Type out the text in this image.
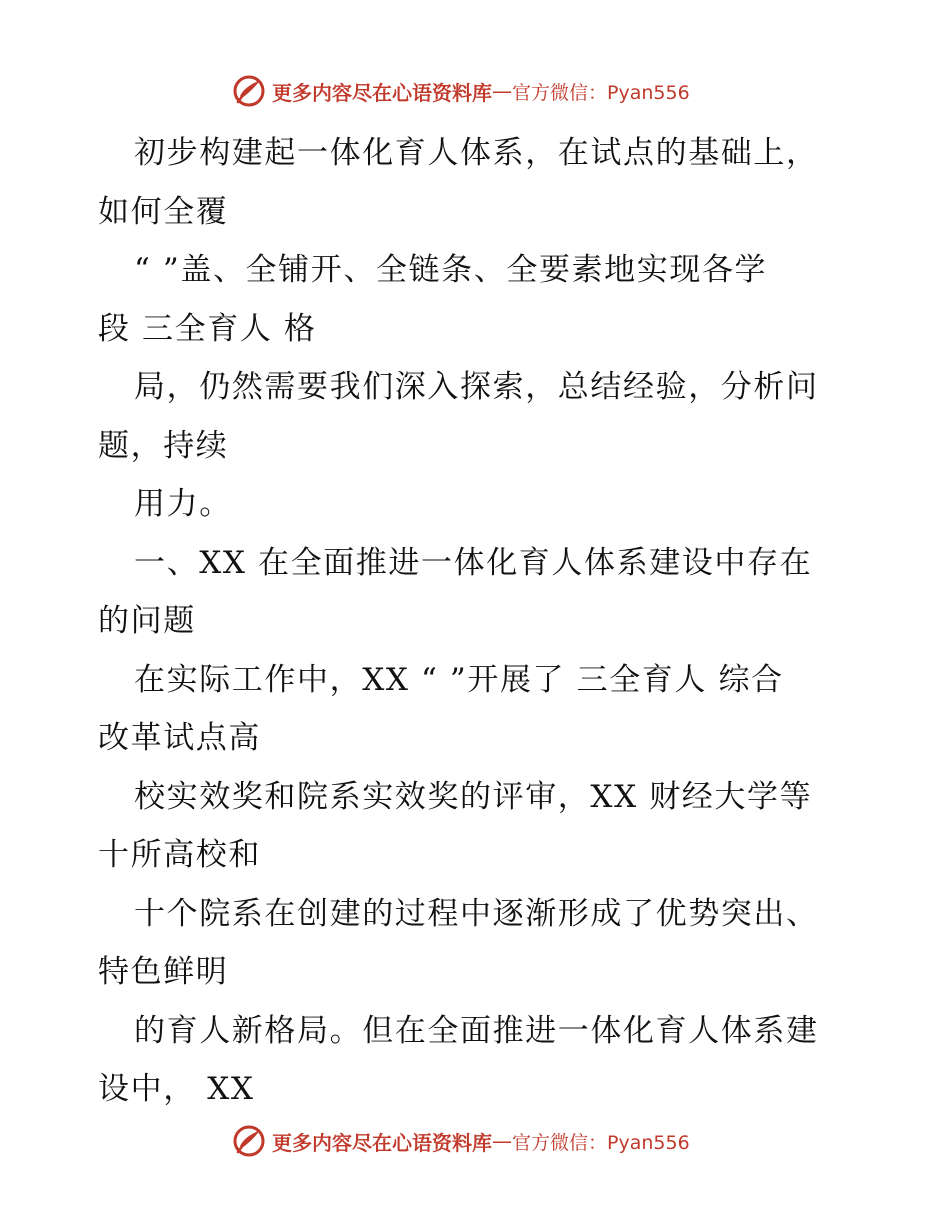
更多内容尽在心语资料库 — 官方微信：Pyan556
初步构建起一体化育人体系，在试点的基础上，
如何全覆
“ ”盖、全铺开、全链条、全要素地实现各学
段 三全育人 格
局，仍然需要我们深入探索，总结经验，分析问
题，持续
用力。
一、XX 在全面推进一体化育人体系建设中存在
的问题
在实际工作中，XX “ ”开展了 三全育人 综合
改革试点高
校实效奖和院系实效奖的评审，XX 财经大学等
十所高校和
十个院系在创建的过程中逐渐形成了优势突出、
特色鲜明
的育人新格局。但在全面推进一体化育人体系建
设中， XX
更多内容尽在心语资料库 — 官方微信：Pyan556
